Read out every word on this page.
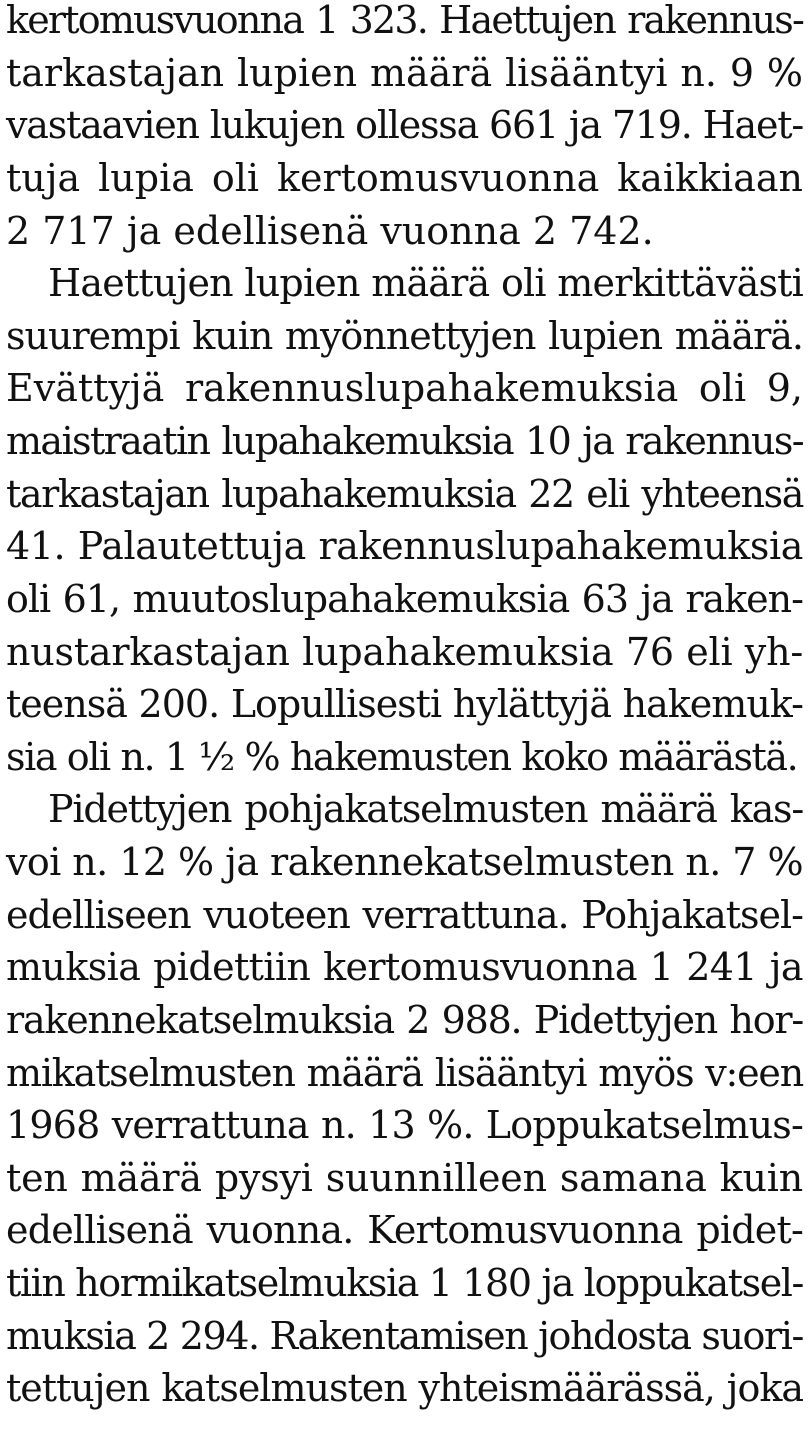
kertomusvuonna 1 323. Haettujen rakennus-
tarkastajan lupien määrä lisääntyi n. 9 %
vastaavien lukujen ollessa 661 ja 719. Haet-
tuja lupia oli kertomusvuonna kaikkiaan
2 717 ja edellisenä vuonna 2 742.
Haettujen lupien määrä oli merkittävästi
suurempi kuin myönnettyjen lupien määrä.
Evättyjä rakennuslupahakemuksia oli 9,
maistraatin lupahakemuksia 10 ja rakennus-
tarkastajan lupahakemuksia 22 eli yhteensä
41. Palautettuja rakennuslupahakemuksia
oli 61, muutoslupahakemuksia 63 ja raken-
nustarkastajan lupahakemuksia 76 eli yh-
teensä 200. Lopullisesti hylättyjä hakemuk-
sia oli n. 1 ½ % hakemusten koko määrästä.
Pidettyjen pohjakatselmusten määrä kas-
voi n. 12 % ja rakennekatselmusten n. 7 %
edelliseen vuoteen verrattuna. Pohjakatsel-
muksia pidettiin kertomusvuonna 1 241 ja
rakennekatselmuksia 2 988. Pidettyjen hor-
mikatselmusten määrä lisääntyi myös v:een
1968 verrattuna n. 13 %. Loppukatselmus-
ten määrä pysyi suunnilleen samana kuin
edellisenä vuonna. Kertomusvuonna pidet-
tiin hormikatselmuksia 1 180 ja loppukatsel-
muksia 2 294. Rakentamisen johdosta suori-
tettujen katselmusten yhteismäärässä, joka
